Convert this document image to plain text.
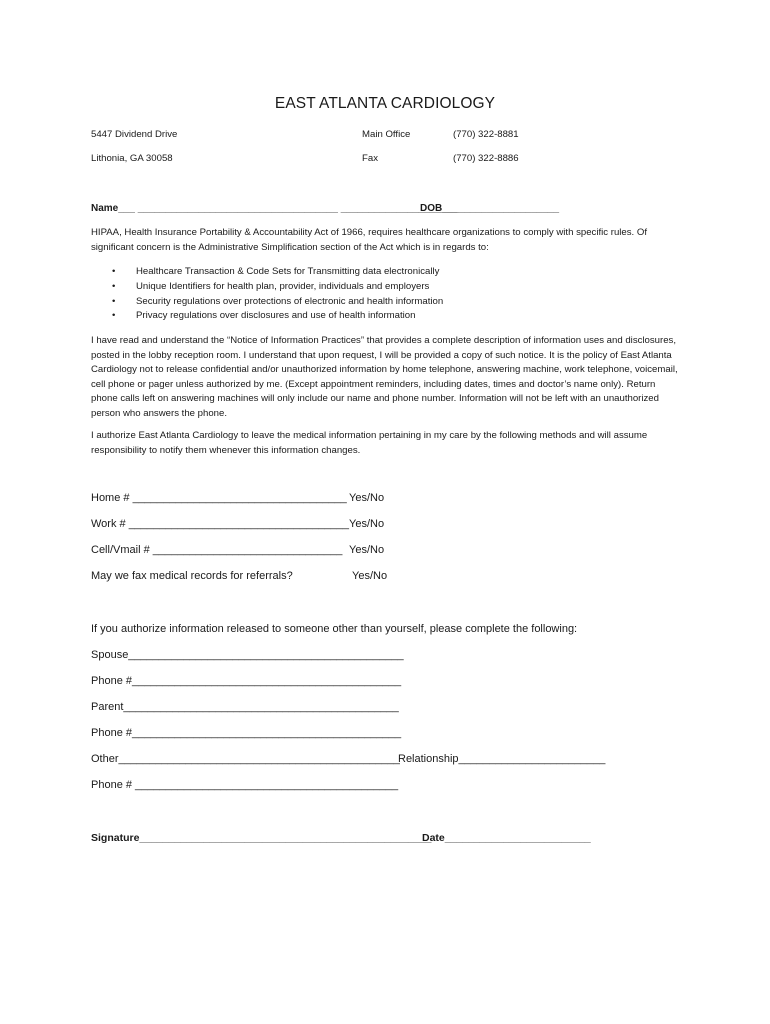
EAST ATLANTA CARDIOLOGY
5447 Dividend Drive	Main Office	(770) 322-8881
Lithonia, GA 30058	Fax	(770) 322-8886
Name___ ____________________________________ _____________________
DOB_____________________
HIPAA, Health Insurance Portability & Accountability Act of 1966, requires healthcare organizations to comply with specific rules. Of significant concern is the Administrative Simplification section of the Act which is in regards to:
• Healthcare Transaction & Code Sets for Transmitting data electronically
• Unique Identifiers for health plan, provider, individuals and employers
• Security regulations over protections of electronic and health information
• Privacy regulations over disclosures and use of health information
I have read and understand the “Notice of Information Practices” that provides a complete description of information uses and disclosures, posted in the lobby reception room. I understand that upon request, I will be provided a copy of such notice. It is the policy of East Atlanta Cardiology not to release confidential and/or unauthorized information by home telephone, answering machine, work telephone, voicemail, cell phone or pager unless authorized by me. (Except appointment reminders, including dates, times and doctor’s name only). Return phone calls left on answering machines will only include our name and phone number. Information will not be left with an unauthorized person who answers the phone.
I authorize East Atlanta Cardiology to leave the medical information pertaining in my care by the following methods and will assume responsibility to notify them whenever this information changes.
Home # ___________________________________ Yes/No
Work # ____________________________________ Yes/No
Cell/Vmail # _______________________________ Yes/No
May we fax medical records for referrals?	Yes/No
If you authorize information released to someone other than yourself, please complete the following:
Spouse_____________________________________________
Phone #____________________________________________
Parent_____________________________________________
Phone #____________________________________________
Other______________________________________________
Relationship________________________
Phone # ___________________________________________
Signature__________________________________________________
Date_________________________
